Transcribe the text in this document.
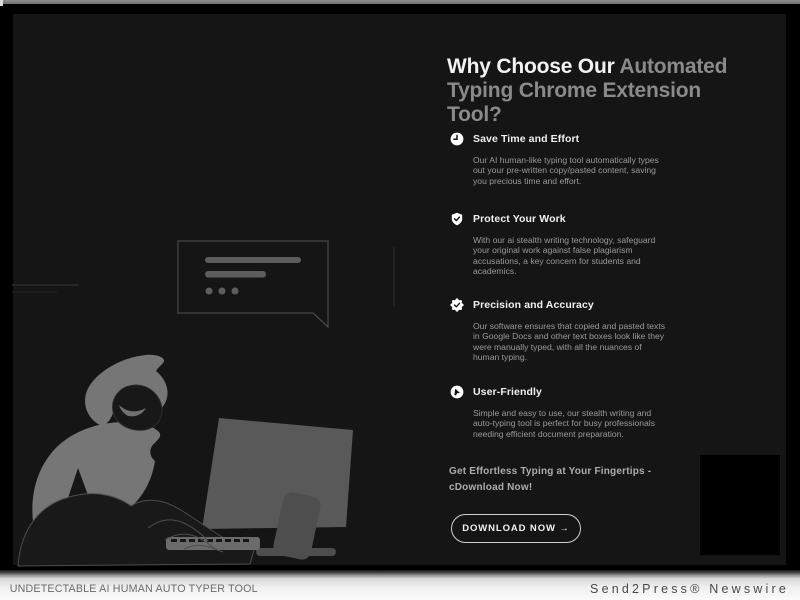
Why Choose Our Automated Typing Chrome Extension Tool?
Save Time and Effort

Our AI human-like typing tool automatically types out your pre-written copy/pasted content, saving you precious time and effort.

Protect Your Work

With our ai stealth writing technology, safeguard your original work against false plagiarism accusations, a key concern for students and academics.

Precision and Accuracy

Our software ensures that copied and pasted texts in Google Docs and other text boxes look like they were manually typed, with all the nuances of human typing.

User-Friendly

Simple and easy to use, our stealth writing and auto-typing tool is perfect for busy professionals needing efficient document preparation.

Get Effortless Typing at Your Fingertips -
cDownload Now!
DOWNLOAD NOW →
UNDETECTABLE AI HUMAN AUTO TYPER TOOL	Send2Press® Newswire
